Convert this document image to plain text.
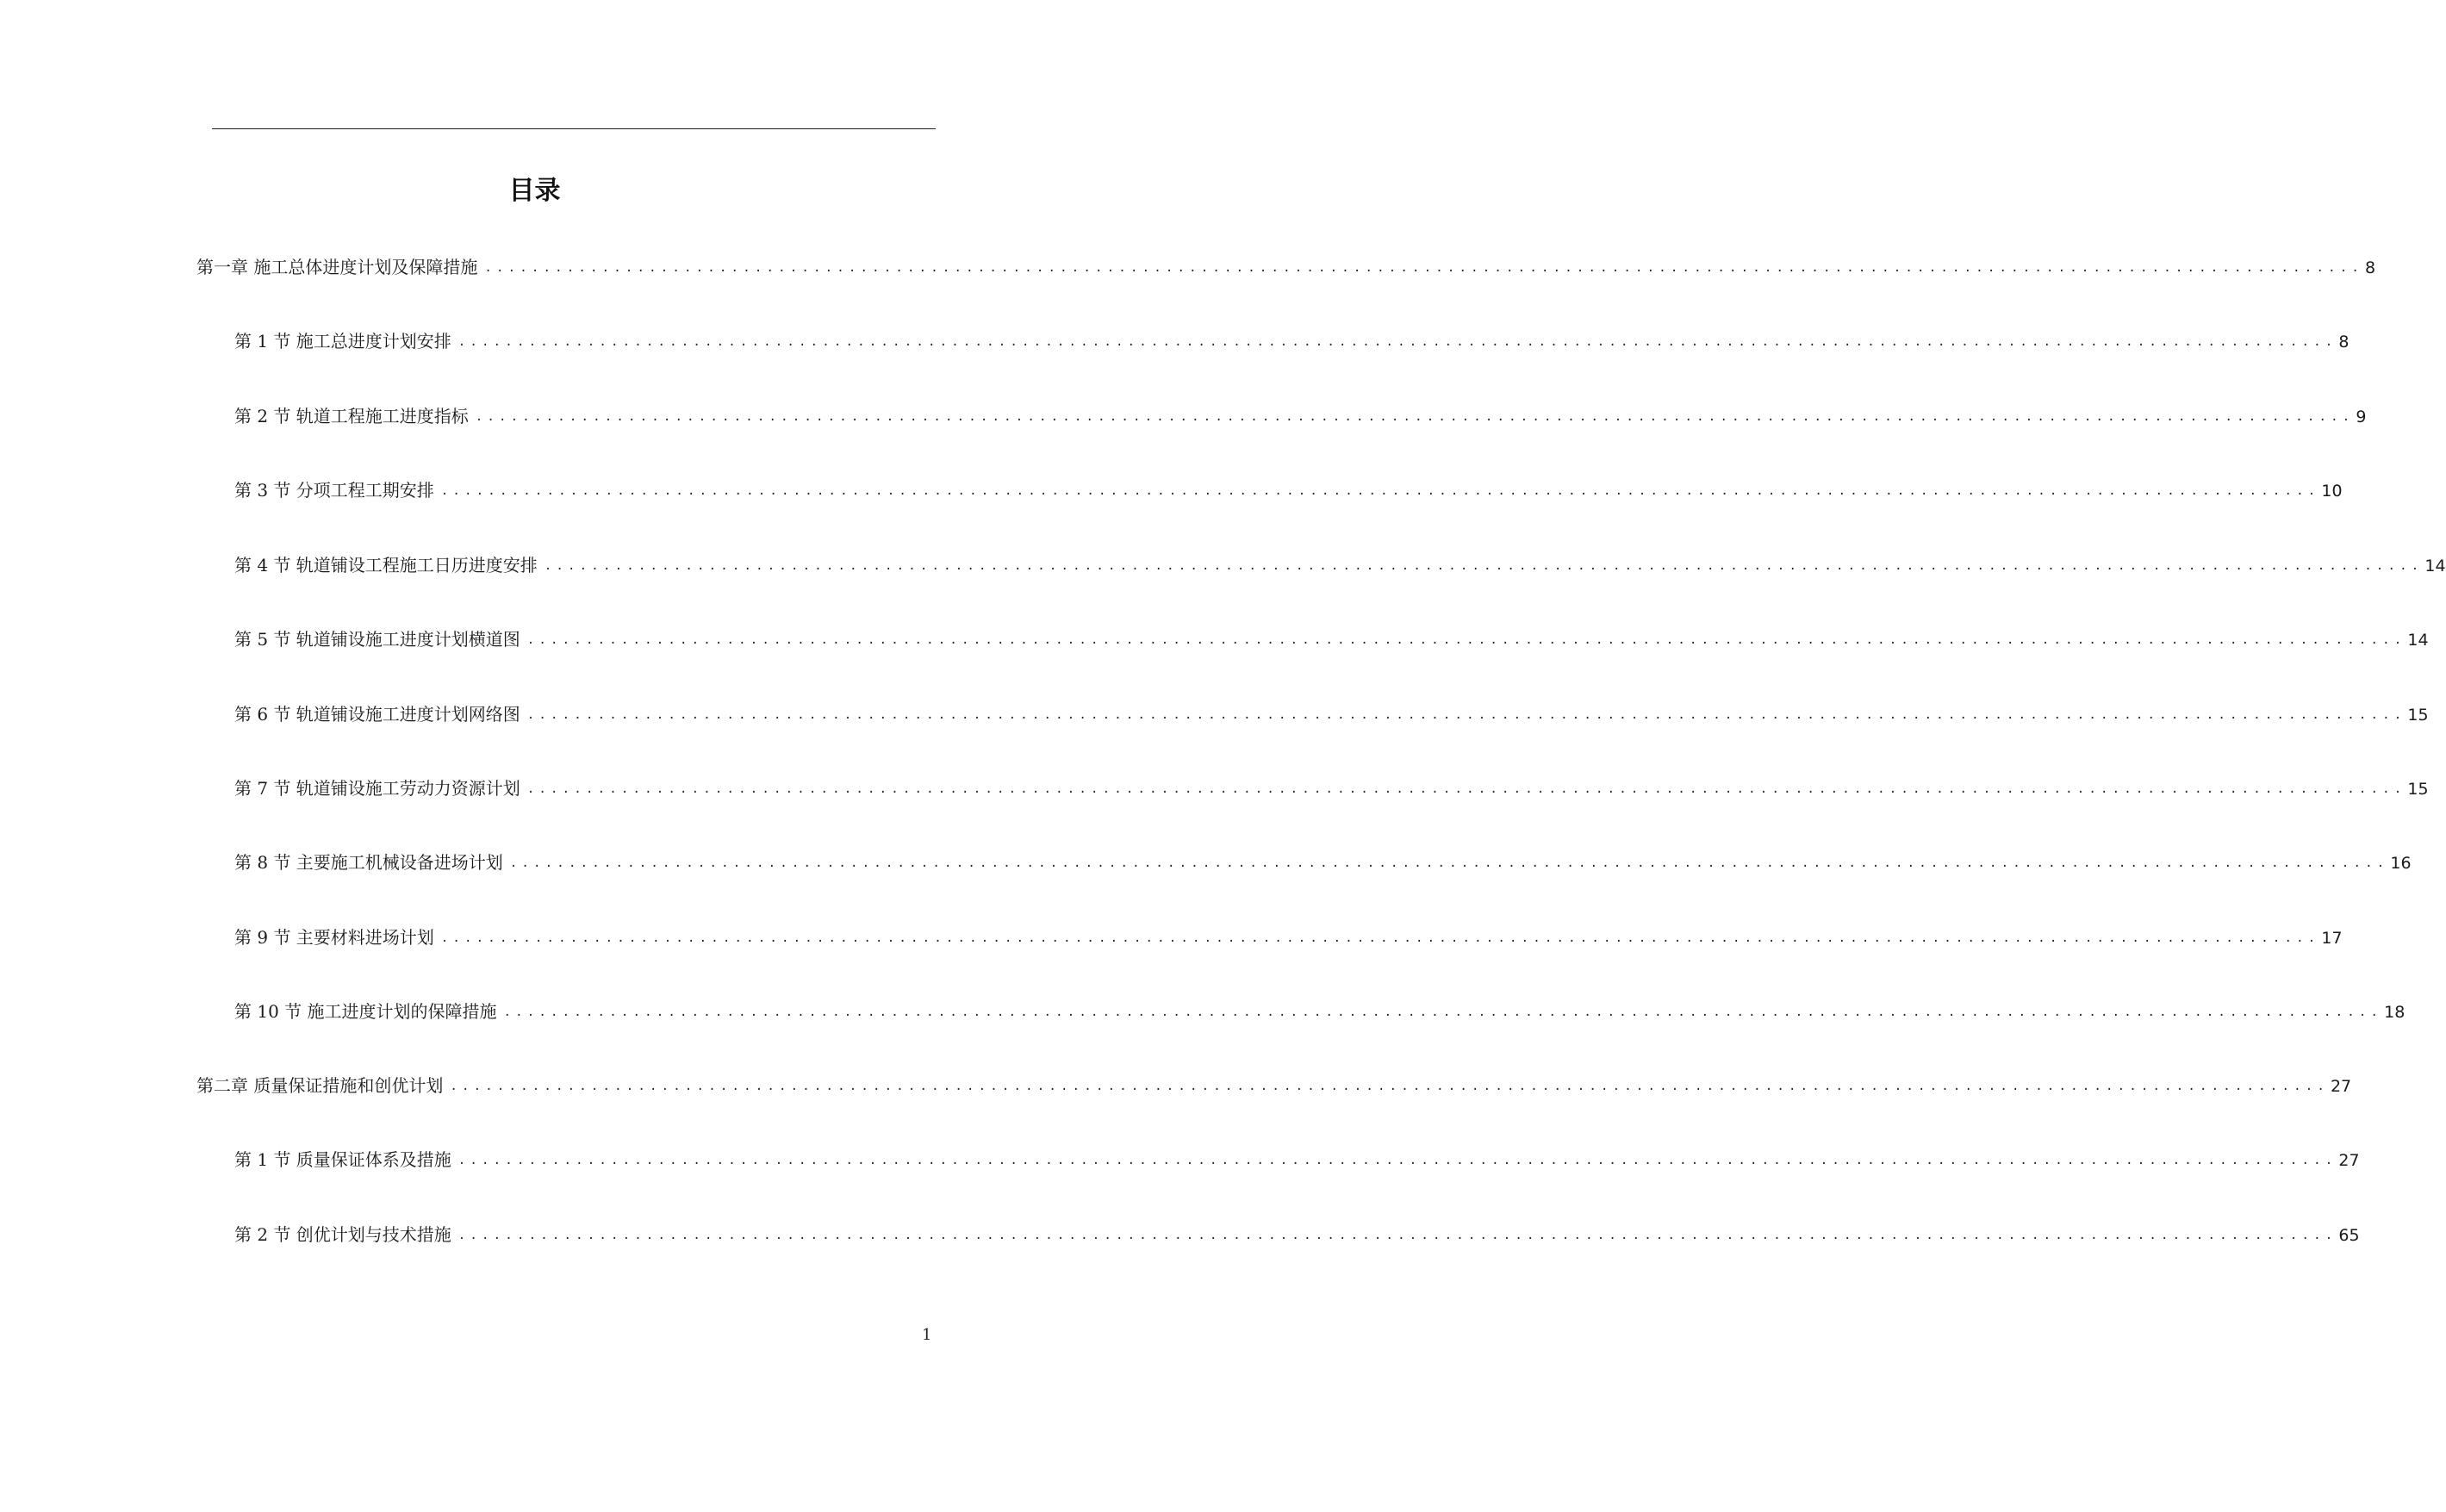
目录
第一章 施工总体进度计划及保障措施 ................................................................................................................................................................ 8
第 1 节 施工总进度计划安排 ................................................................................................................................................................ 8
第 2 节 轨道工程施工进度指标 ................................................................................................................................................................ 9
第 3 节 分项工程工期安排 ................................................................................................................................................................ 10
第 4 节 轨道铺设工程施工日历进度安排 ................................................................................................................................................................ 14
第 5 节 轨道铺设施工进度计划横道图 ................................................................................................................................................................ 14
第 6 节 轨道铺设施工进度计划网络图 ................................................................................................................................................................ 15
第 7 节 轨道铺设施工劳动力资源计划 ................................................................................................................................................................ 15
第 8 节 主要施工机械设备进场计划 ................................................................................................................................................................ 16
第 9 节 主要材料进场计划 ................................................................................................................................................................ 17
第 10 节 施工进度计划的保障措施 ................................................................................................................................................................ 18
第二章 质量保证措施和创优计划 ................................................................................................................................................................ 27
第 1 节 质量保证体系及措施 ................................................................................................................................................................ 27
第 2 节 创优计划与技术措施 ................................................................................................................................................................ 65
1
